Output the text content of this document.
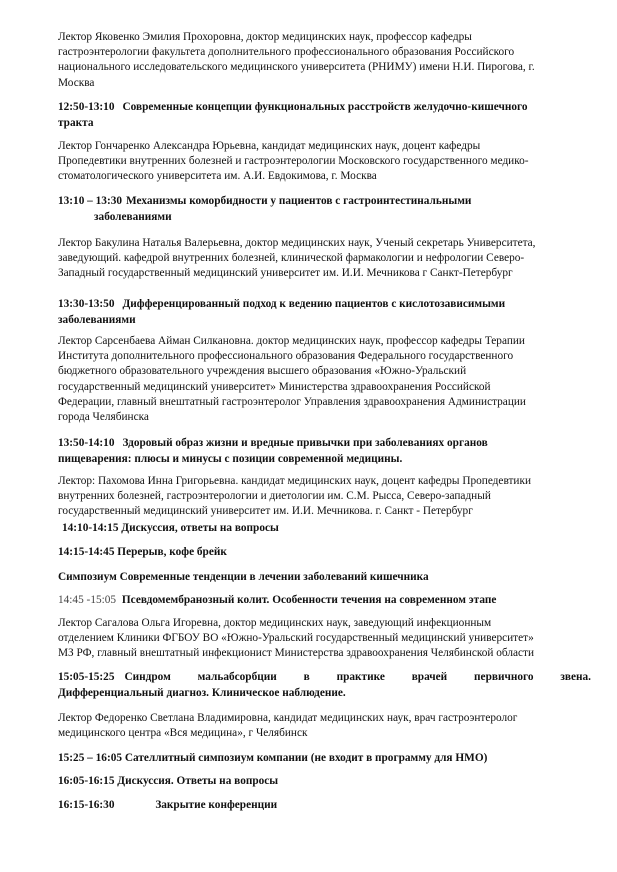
Лектор Яковенко Эмилия Прохоровна, доктор медицинских наук, профессор кафедры
гастроэнтерологии факультета дополнительного профессионального образования Российского
национального исследовательского медицинского университета (РНИМУ) имени Н.И. Пирогова, г.
Москва
12:50-13:10 Современные концепции функциональных расстройств желудочно-кишечного
тракта
Лектор Гончаренко Александра Юрьевна, кандидат медицинских наук, доцент кафедры
Пропедевтики внутренних болезней и гастроэнтерологии Московского государственного медико-
стоматологического университета им. А.И. Евдокимова, г. Москва
13:10 – 13:30 Механизмы коморбидности у пациентов с гастроинтестинальными
заболеваниями
Лектор Бакулина Наталья Валерьевна, доктор медицинских наук, Ученый секретарь Университета,
заведующий. кафедрой внутренних болезней, клинической фармакологии и нефрологии Северо-
Западный государственный медицинский университет им. И.И. Мечникова г Санкт-Петербург
13:30-13:50 Дифференцированный подход к ведению пациентов с кислотозависимыми
заболеваниями
Лектор Сарсенбаева Айман Силкановна. доктор медицинских наук, профессор кафедры Терапии
Института дополнительного профессионального образования Федерального государственного
бюджетного образовательного учреждения высшего образования «Южно-Уральский
государственный медицинский университет» Министерства здравоохранения Российской
Федерации, главный внештатный гастроэнтеролог Управления здравоохранения Администрации
города Челябинска
13:50-14:10 Здоровый образ жизни и вредные привычки при заболеваниях органов
пищеварения: плюсы и минусы с позиции современной медицины.
Лектор: Пахомова Инна Григорьевна. кандидат медицинских наук, доцент кафедры Пропедевтики
внутренних болезней, гастроэнтерологии и диетологии им. С.М. Рысса, Северо-западный
государственный медицинский университет им. И.И. Мечникова. г. Санкт - Петербург
14:10-14:15 Дискуссия, ответы на вопросы
14:15-14:45 Перерыв, кофе брейк
Симпозиум Современные тенденции в лечении заболеваний кишечника
14:45 -15:05 Псевдомембранозный колит. Особенности течения на современном этапе
Лектор Сагалова Ольга Игоревна, доктор медицинских наук, заведующий инфекционным
отделением Клиники ФГБОУ ВО «Южно-Уральский государственный медицинский университет»
МЗ РФ, главный внештатный инфекционист Министерства здравоохранения Челябинской области
15:05-15:25 Синдром мальабсорбции в практике врачей первичного звена.
Дифференциальный диагноз. Клиническое наблюдение.
Лектор Федоренко Светлана Владимировна, кандидат медицинских наук, врач гастроэнтеролог
медицинского центра «Вся медицина», г Челябинск
15:25 – 16:05 Сателлитный симпозиум компании (не входит в программу для НМО)
16:05-16:15 Дискуссия. Ответы на вопросы
16:15-16:30	Закрытие конференции
